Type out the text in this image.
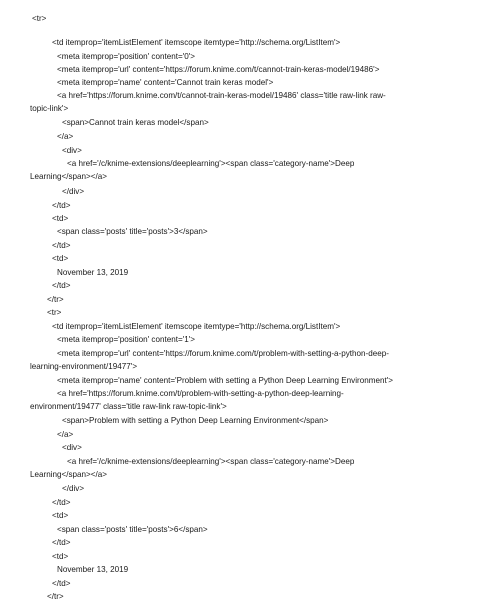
<tr>
<td itemprop='itemListElement' itemscope itemtype='http://schema.org/ListItem'>
<meta itemprop='position' content='0'>
<meta itemprop='url' content='https://forum.knime.com/t/cannot-train-keras-model/19486'>
<meta itemprop='name' content='Cannot train keras model'>
<a href='https://forum.knime.com/t/cannot-train-keras-model/19486' class='title raw-link raw-
topic-link'>
<span>Cannot train keras model</span>
</a>
<div>
<a href='/c/knime-extensions/deeplearning'><span class='category-name'>Deep
Learning</span></a>
</div>
</td>
<td>
<span class='posts' title='posts'>3</span>
</td>
<td>
November 13, 2019
</td>
</tr>
<tr>
<td itemprop='itemListElement' itemscope itemtype='http://schema.org/ListItem'>
<meta itemprop='position' content='1'>
<meta itemprop='url' content='https://forum.knime.com/t/problem-with-setting-a-python-deep-
learning-environment/19477'>
<meta itemprop='name' content='Problem with setting a Python Deep Learning Environment'>
<a href='https://forum.knime.com/t/problem-with-setting-a-python-deep-learning-
environment/19477' class='title raw-link raw-topic-link'>
<span>Problem with setting a Python Deep Learning Environment</span>
</a>
<div>
<a href='/c/knime-extensions/deeplearning'><span class='category-name'>Deep
Learning</span></a>
</div>
</td>
<td>
<span class='posts' title='posts'>6</span>
</td>
<td>
November 13, 2019
</td>
</tr>
